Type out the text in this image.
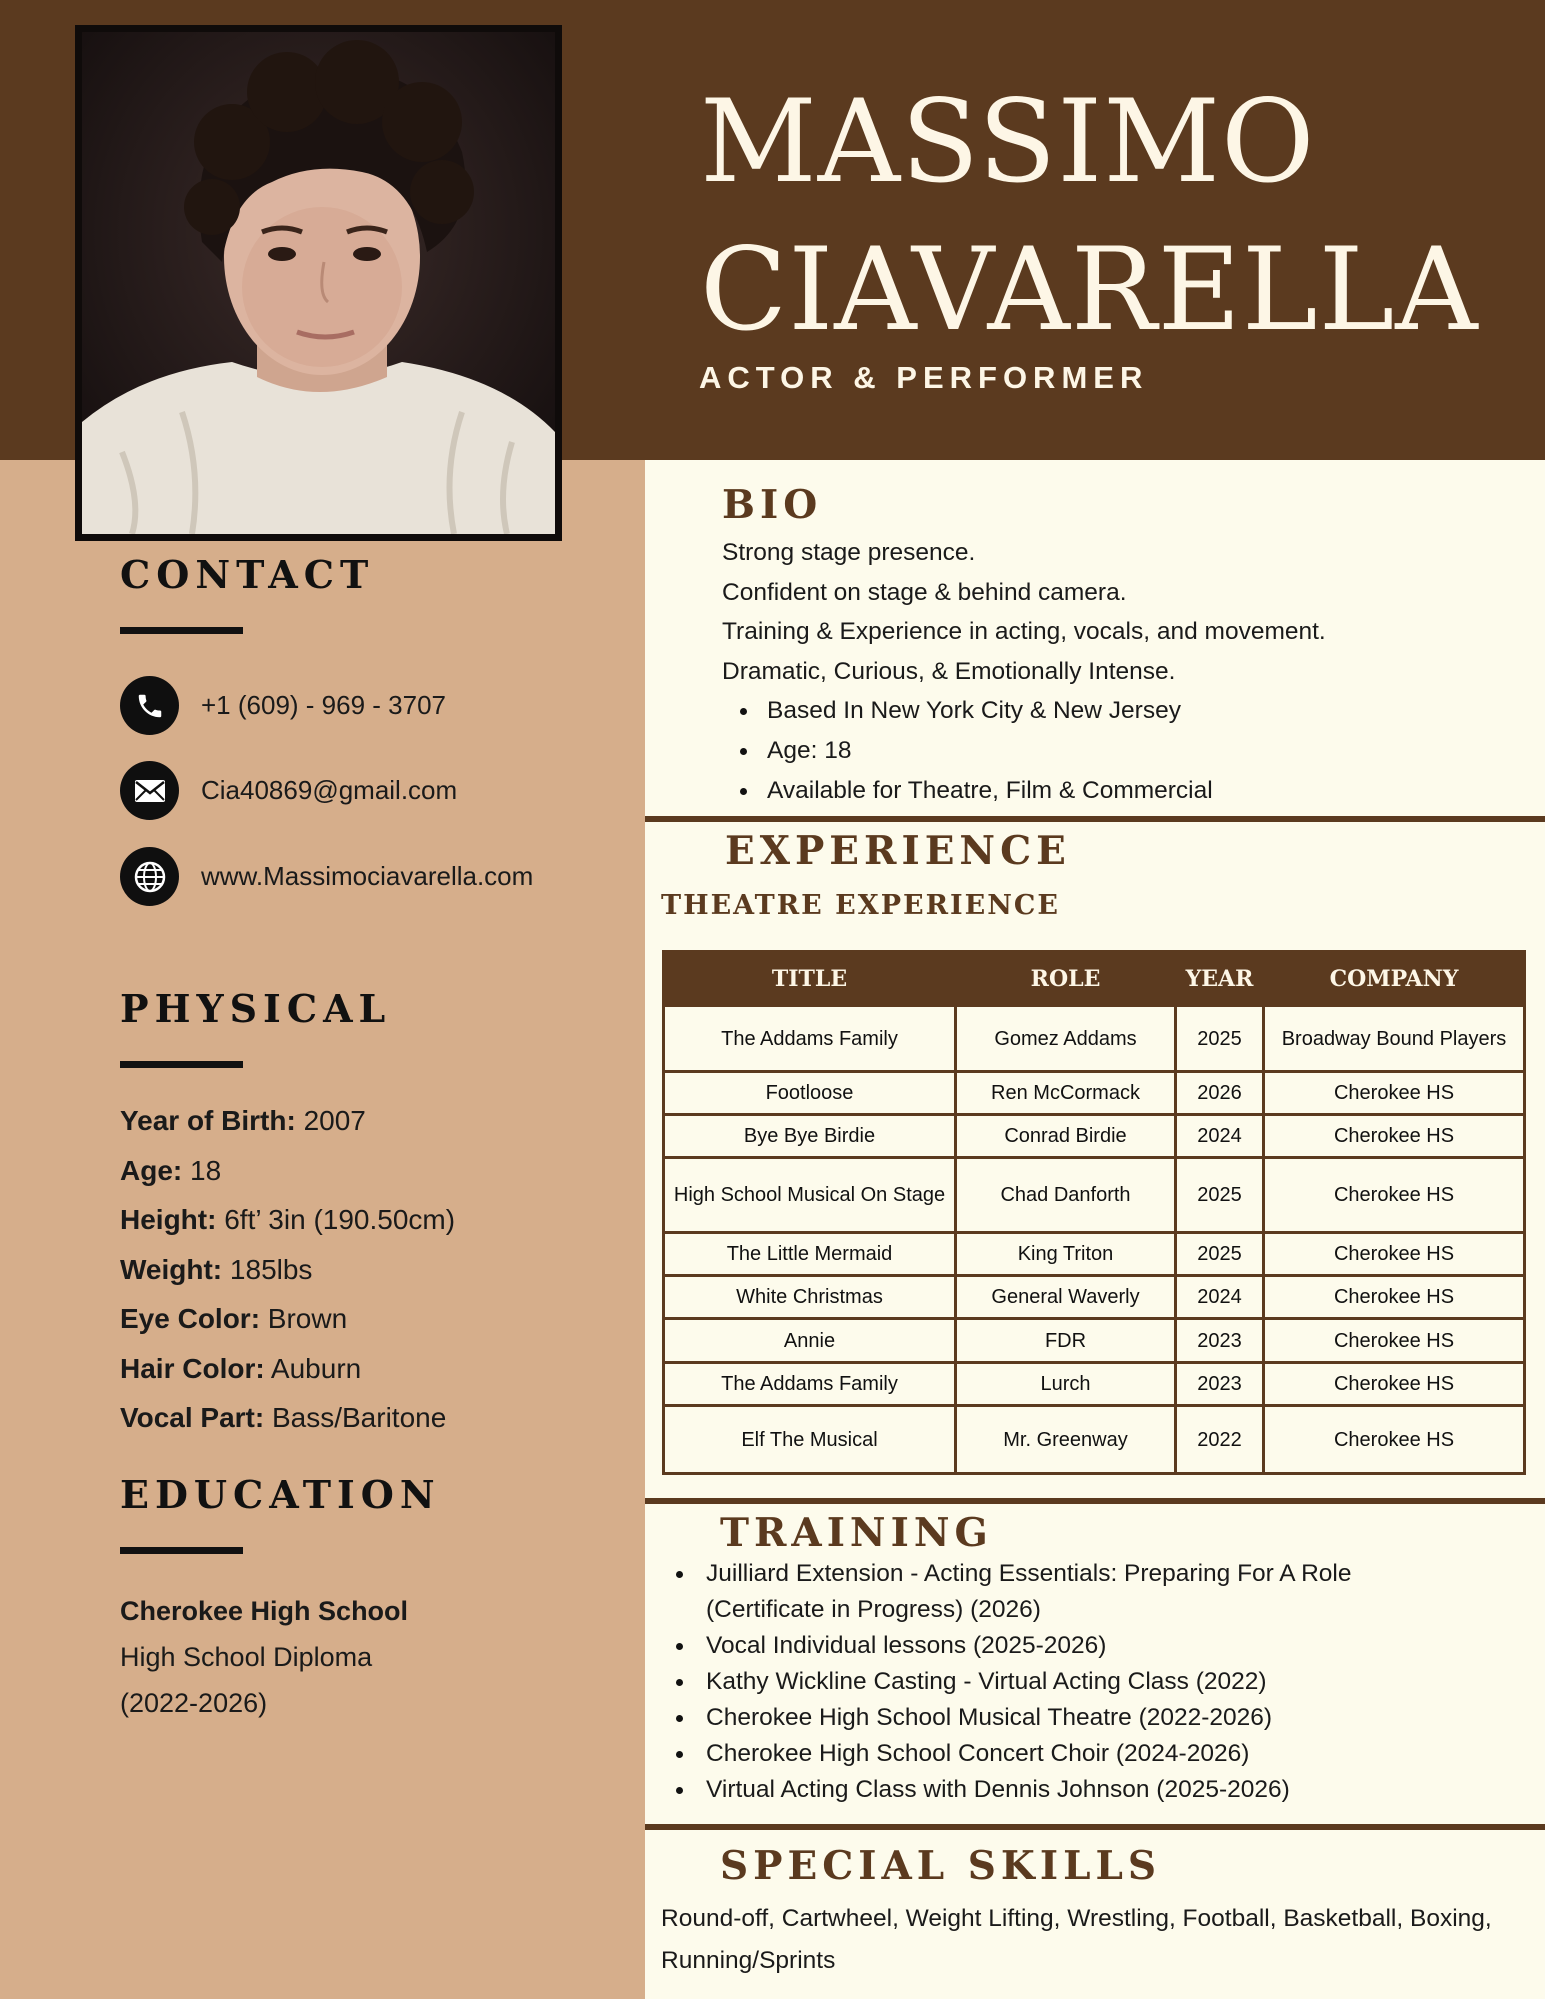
MASSIMO
CIAVARELLA
ACTOR & PERFORMER
CONTACT
+1 (609) - 969 - 3707
Cia40869@gmail.com
www.Massimociavarella.com
PHYSICAL
Year of Birth: 2007
Age: 18
Height: 6ft’ 3in (190.50cm)
Weight: 185lbs
Eye Color: Brown
Hair Color: Auburn
Vocal Part: Bass/Baritone
EDUCATION
Cherokee High School
High School Diploma
(2022-2026)
BIO

Strong stage presence.

Confident on stage & behind camera.

Training & Experience in acting, vocals, and movement.

Dramatic, Curious, & Emotionally Intense.

Based In New York City & New Jersey
Age: 18
Available for Theatre, Film & Commercial
EXPERIENCE
THEATRE EXPERIENCE
TITLE	ROLE	YEAR	COMPANY
The Addams Family	Gomez Addams	2025	Broadway Bound Players
Footloose	Ren McCormack	2026	Cherokee HS
Bye Bye Birdie	Conrad Birdie	2024	Cherokee HS
High School Musical On Stage	Chad Danforth	2025	Cherokee HS
The Little Mermaid	King Triton	2025	Cherokee HS
White Christmas	General Waverly	2024	Cherokee HS
Annie	FDR	2023	Cherokee HS
The Addams Family	Lurch	2023	Cherokee HS
Elf The Musical	Mr. Greenway	2022	Cherokee HS
TRAINING
Juilliard Extension - Acting Essentials: Preparing For A Role (Certificate in Progress) (2026)
Vocal Individual lessons (2025-2026)
Kathy Wickline Casting - Virtual Acting Class (2022)
Cherokee High School Musical Theatre (2022-2026)
Cherokee High School Concert Choir (2024-2026)
Virtual Acting Class with Dennis Johnson (2025-2026)
SPECIAL SKILLS
Round-off, Cartwheel, Weight Lifting, Wrestling, Football, Basketball, Boxing, Running/Sprints
